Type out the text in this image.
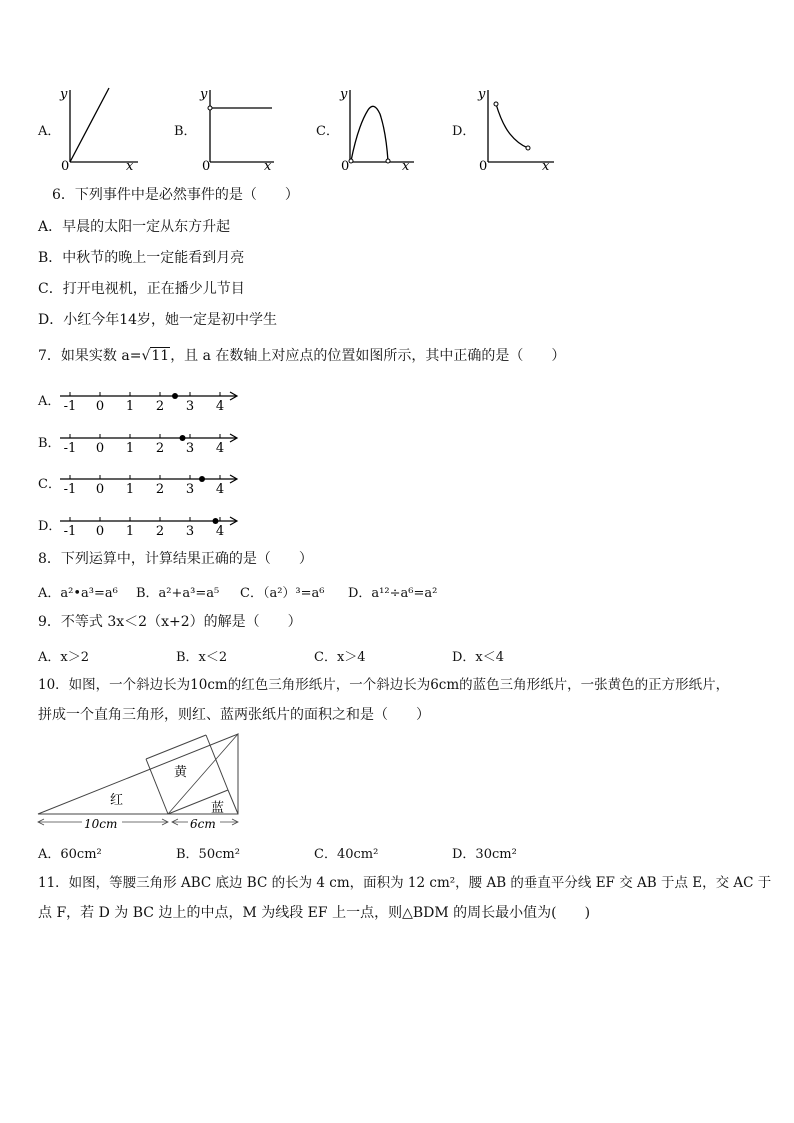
A．
y
x
0
B．
y
x
0
C．
y
x
0
D．
y
x
0
6．下列事件中是必然事件的是（　　）
A．早晨的太阳一定从东方升起
B．中秋节的晚上一定能看到月亮
C．打开电视机，正在播少儿节目
D．小红今年14岁，她一定是初中学生
7．如果实数 a=√11，且 a 在数轴上对应点的位置如图所示，其中正确的是（　　）
A．
B．
C．
D．
-1 0 1 2 3 4
-1 0 1 2 3 4
-1 0 1 2 3 4
-1 0 1 2 3 4
8．下列运算中，计算结果正确的是（　　）
A．a²•a³=a⁶ B．a²+a³=a⁵ C．（a²）³=a⁶ D．a¹²÷a⁶=a²
9．不等式 3x＜2（x+2）的解是（　　）
A．x＞2	B．x＜2	C．x＞4	D．x＜4
10．如图，一个斜边长为10cm的红色三角形纸片，一个斜边长为6cm的蓝色三角形纸片，一张黄色的正方形纸片，
拼成一个直角三角形，则红、蓝两张纸片的面积之和是（　　）
黄
红
蓝
10cm	6cm
A．60cm²	B．50cm²	C．40cm²	D．30cm²
11．如图，等腰三角形 ABC 底边 BC 的长为 4 cm，面积为 12 cm²，腰 AB 的垂直平分线 EF 交 AB 于点 E，交 AC 于
点 F，若 D 为 BC 边上的中点，M 为线段 EF 上一点，则△BDM 的周长最小值为(　　)
